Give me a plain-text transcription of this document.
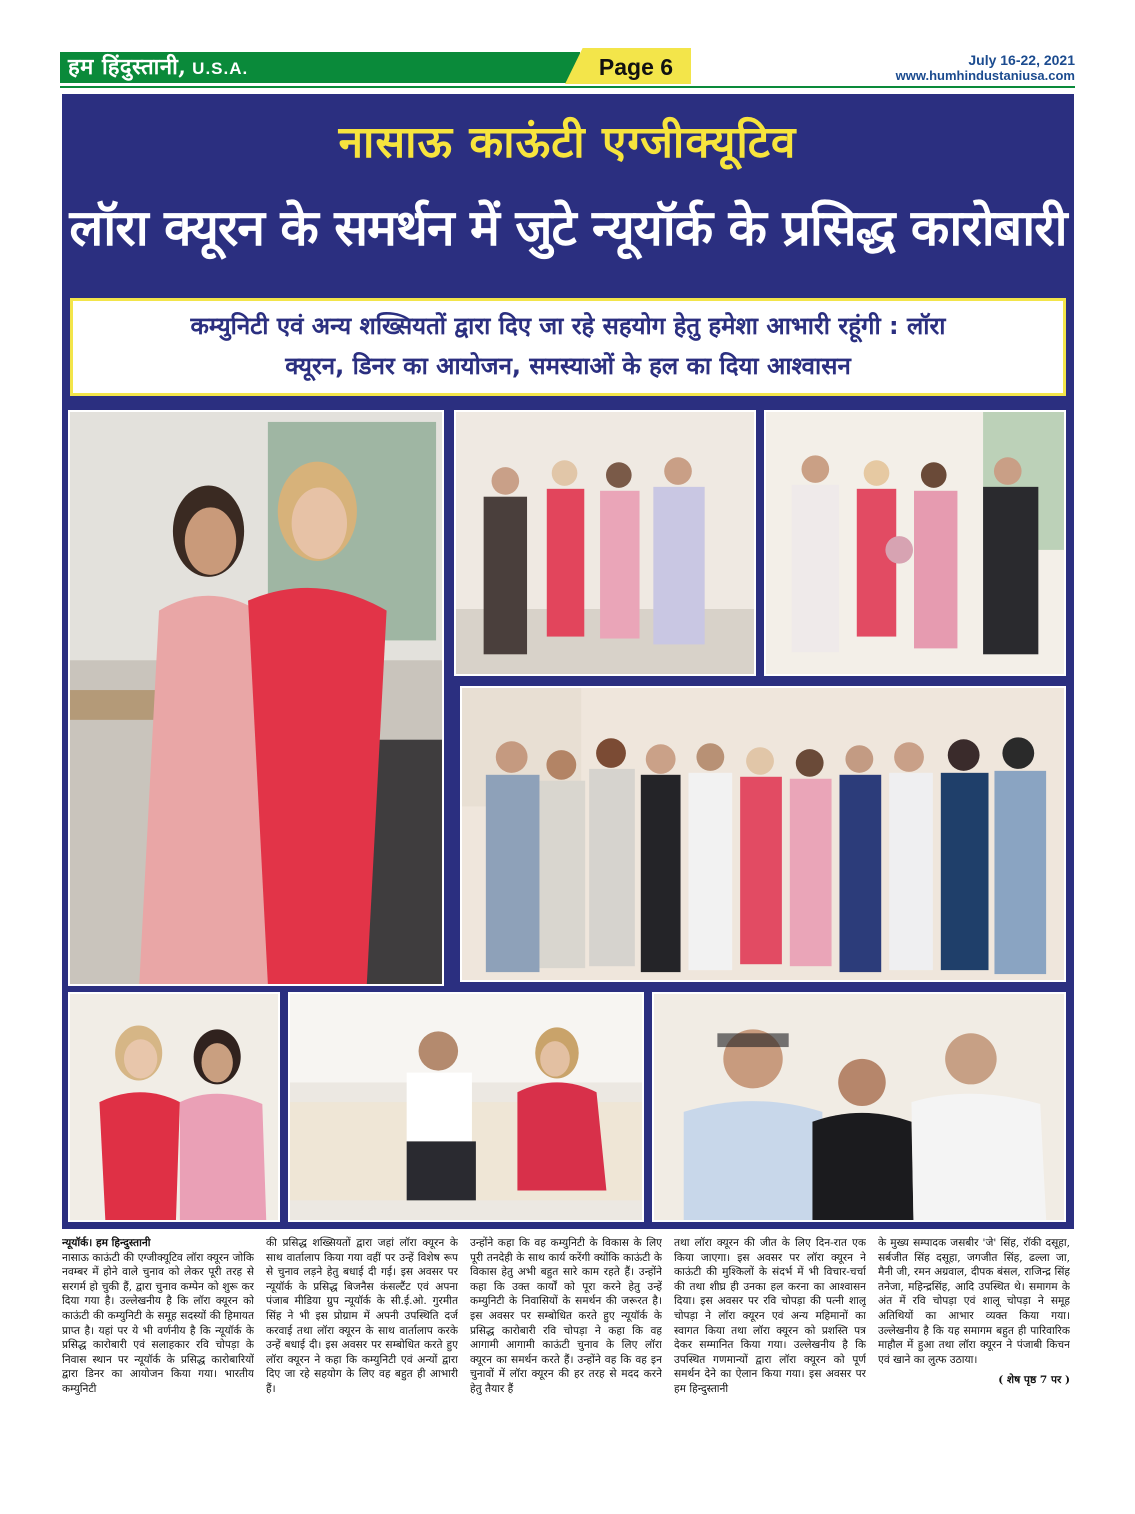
हम हिंदुस्तानी, U.S.A.	Page 6	July 16-22, 2021
www.humhindustaniusa.com
नासाऊ काऊंटी एग्जीक्यूटिव
लॉरा क्यूरन के समर्थन में जुटे न्यूयॉर्क के प्रसिद्ध कारोबारी
कम्युनिटी एवं अन्य शख्सियतों द्वारा दिए जा रहे सहयोग हेतु हमेशा आभारी रहूंगी : लॉरा
क्यूरन, डिनर का आयोजन, समस्याओं के हल का दिया आश्वासन
न्यूयॉर्क। हम हिन्दुस्तानी
नासाऊ काऊंटी की एग्जीक्यूटिव लॉरा क्यूरन जोकि नवम्बर में होने वाले चुनाव को लेकर पूरी तरह से सरगर्म हो चुकी हैं, द्वारा चुनाव कम्पेन को शुरू कर दिया गया है। उल्लेखनीय है कि लॉरा क्यूरन को काऊंटी की कम्युनिटी के समूह सदस्यों की हिमायत प्राप्त है। यहां पर ये भी वर्णनीय है कि न्यूयॉर्क के प्रसिद्ध कारोबारी एवं सलाहकार रवि चोपड़ा के निवास स्थान पर न्यूयॉर्क के प्रसिद्ध कारोबारियों द्वारा डिनर का आयोजन किया गया। भारतीय कम्युनिटी
की प्रसिद्ध शख्सियतों द्वारा जहां लॉरा क्यूरन के साथ वार्तालाप किया गया वहीं पर उन्हें विशेष रूप से चुनाव लड़ने हेतु बधाई दी गई। इस अवसर पर न्यूयॉर्क के प्रसिद्ध बिजनैस कंसल्टैंट एवं अपना पंजाब मीडिया ग्रुप न्यूयॉर्क के सी.ई.ओ. गुरमीत सिंह ने भी इस प्रोग्राम में अपनी उपस्थिति दर्ज करवाई तथा लॉरा क्यूरन के साथ वार्तालाप करके उन्हें बधाई दी। इस अवसर पर सम्बोधित करते हुए लॉरा क्यूरन ने कहा कि कम्युनिटी एवं अन्यों द्वारा दिए जा रहे सहयोग के लिए वह बहुत ही आभारी हैं।
उन्होंने कहा कि वह कम्युनिटी के विकास के लिए पूरी तनदेही के साथ कार्य करेंगी क्योंकि काऊंटी के विकास हेतु अभी बहुत सारे काम रहते हैं। उन्होंने कहा कि उक्त कार्यों को पूरा करने हेतु उन्हें कम्युनिटी के निवासियों के समर्थन की जरूरत है। इस अवसर पर सम्बोधित करते हुए न्यूयॉर्क के प्रसिद्ध कारोबारी रवि चोपड़ा ने कहा कि वह आगामी आगामी काऊंटी चुनाव के लिए लॉरा क्यूरन का समर्थन करते हैं। उन्होंने वह कि वह इन चुनावों में लॉरा क्यूरन की हर तरह से मदद करने हेतु तैयार हैं
तथा लॉरा क्यूरन की जीत के लिए दिन-रात एक किया जाएगा। इस अवसर पर लॉरा क्यूरन ने काऊंटी की मुश्किलों के संदर्भ में भी विचार-चर्चा की तथा शीघ्र ही उनका हल करना का आश्वासन दिया। इस अवसर पर रवि चोपड़ा की पत्नी शालू चोपड़ा ने लॉरा क्यूरन एवं अन्य महिमानों का स्वागत किया तथा लॉरा क्यूरन को प्रशस्ति पत्र देकर सम्मानित किया गया। उल्लेखनीय है कि उपस्थित गणमान्यों द्वारा लॉरा क्यूरन को पूर्ण समर्थन देने का ऐलान किया गया। इस अवसर पर हम हिन्दुस्तानी
के मुख्य सम्पादक जसबीर 'जे' सिंह, रॉकी दसूहा, सर्बजीत सिंह दसूहा, जगजीत सिंह, ढल्ला जा, मैनी जी, रमन अग्रवाल, दीपक बंसल, राजिन्द्र सिंह तनेजा, महिन्द्रसिंह, आदि उपस्थित थे। समागम के अंत में रवि चोपड़ा एवं शालू चोपड़ा ने समूह अतिथियों का आभार व्यक्त किया गया। उल्लेखनीय है कि यह समागम बहुत ही पारिवारिक माहौल में हुआ तथा लॉरा क्यूरन ने पंजाबी किचन एवं खाने का लुत्फ उठाया।
( शेष पृष्ठ 7 पर )
